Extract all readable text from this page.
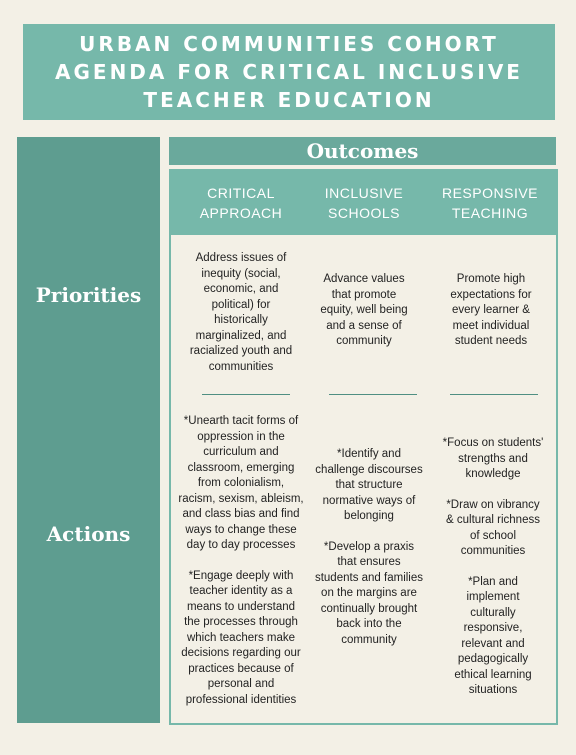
URBAN COMMUNITIES COHORT
AGENDA FOR CRITICAL INCLUSIVE
TEACHER EDUCATION
Priorities
Actions
Outcomes
CRITICAL
APPROACH
INCLUSIVE
SCHOOLS
RESPONSIVE
TEACHING

Address issues of

inequity (social,

economic, and

political) for

historically

marginalized, and

racialized youth and

communities

Advance values

that promote

equity, well being

and a sense of

community

Promote high

expectations for

every learner &

meet individual

student needs

*Unearth tacit forms of

oppression in the

curriculum and

classroom, emerging

from colonialism,

racism, sexism, ableism,

and class bias and find

ways to change these

day to day processes

*Engage deeply with

teacher identity as a

means to understand

the processes through

which teachers make

decisions regarding our

practices because of

personal and

professional identities

*Identify and

challenge discourses

that structure

normative ways of

belonging

*Develop a praxis

that ensures

students and families

on the margins are

continually brought

back into the

community

*Focus on students'

strengths and

knowledge

*Draw on vibrancy

& cultural richness

of school

communities

*Plan and

implement

culturally

responsive,

relevant and

pedagogically

ethical learning

situations
